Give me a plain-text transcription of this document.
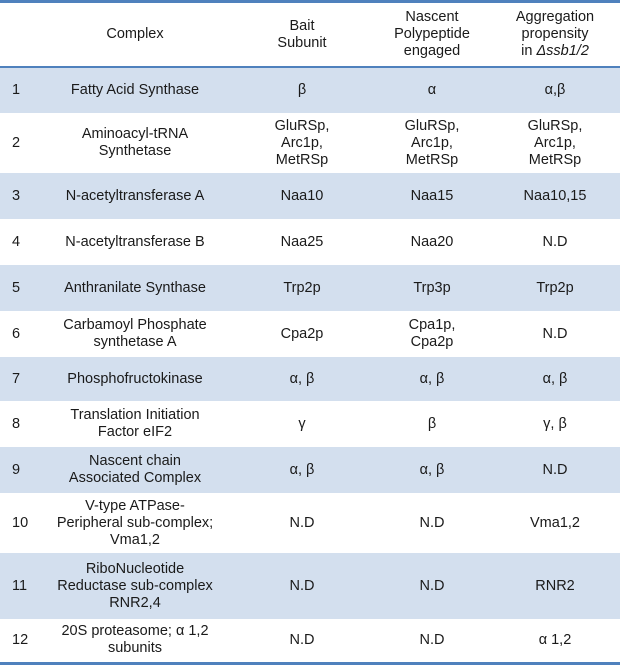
	Complex	Bait
Subunit	Nascent
Polypeptide
engaged	Aggregation
propensity
in Δssb1/2
1	Fatty Acid Synthase	β	α	α,β
2	Aminoacyl-tRNA
Synthetase	GluRSp,
Arc1p,
MetRSp	GluRSp,
Arc1p,
MetRSp	GluRSp,
Arc1p,
MetRSp
3	N-acetyltransferase A	Naa10	Naa15	Naa10,15
4	N-acetyltransferase B	Naa25	Naa20	N.D
5	Anthranilate Synthase	Trp2p	Trp3p	Trp2p
6	Carbamoyl Phosphate
synthetase A	Cpa2p	Cpa1p,
Cpa2p	N.D
7	Phosphofructokinase	α, β	α, β	α, β
8	Translation Initiation
Factor eIF2	γ	β	γ, β
9	Nascent chain
Associated Complex	α, β	α, β	N.D
10	V-type ATPase-
Peripheral sub-complex;
Vma1,2	N.D	N.D	Vma1,2
11	RiboNucleotide
Reductase sub-complex
RNR2,4	N.D	N.D	RNR2
12	20S proteasome; α 1,2
subunits	N.D	N.D	α 1,2
